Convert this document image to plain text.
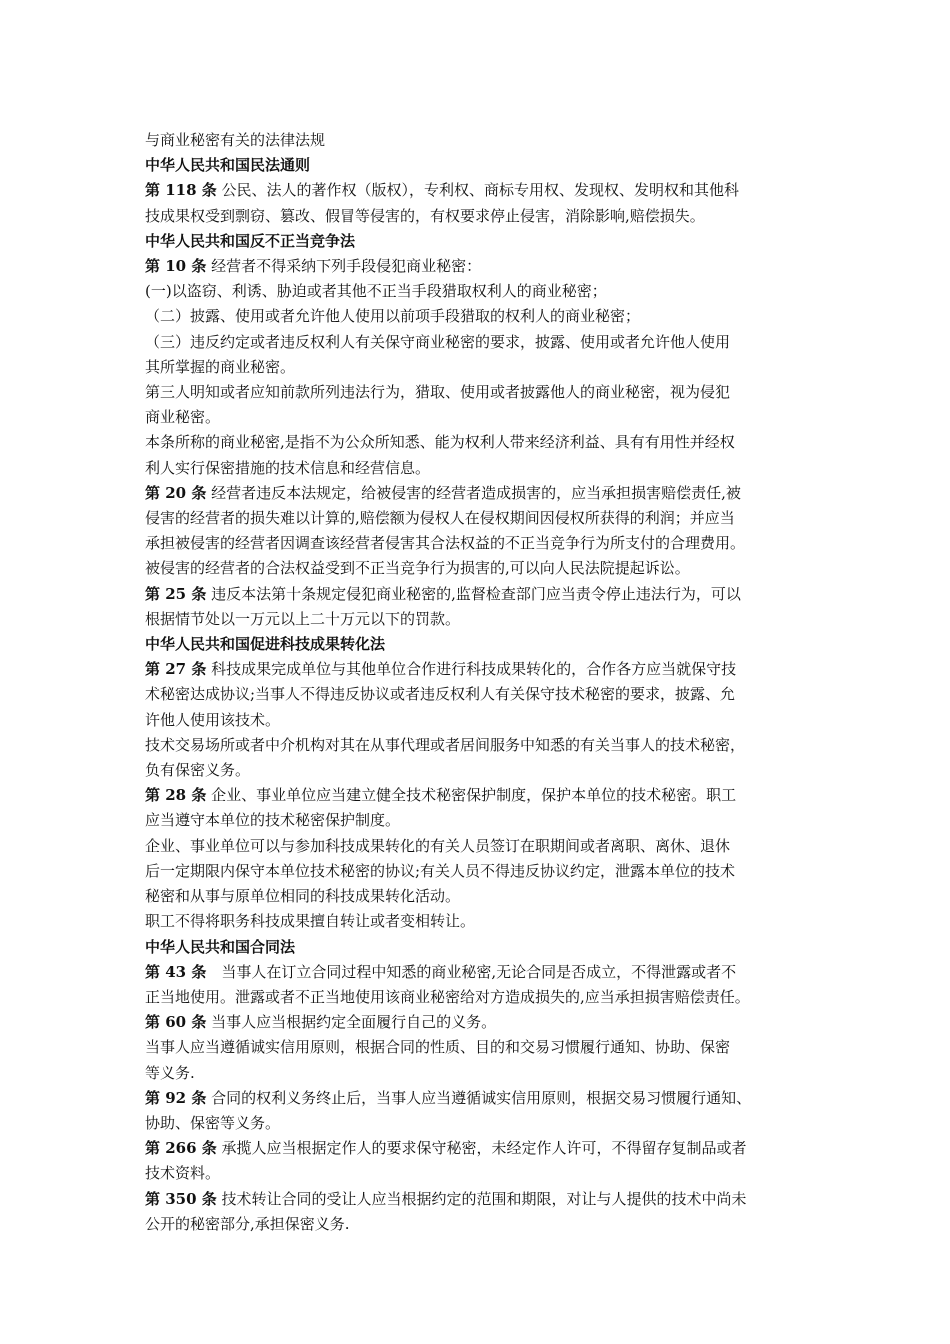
与商业秘密有关的法律法规
中华人民共和国民法通则
第 118 条 公民、法人的著作权（版权），专利权、商标专用权、发现权、发明权和其他科
技成果权受到剽窃、篡改、假冒等侵害的，有权要求停止侵害，消除影响,赔偿损失。
中华人民共和国反不正当竞争法
第 10 条 经营者不得采纳下列手段侵犯商业秘密：
(一)以盗窃、利诱、胁迫或者其他不正当手段猎取权利人的商业秘密；
（二）披露、使用或者允许他人使用以前项手段猎取的权利人的商业秘密；
（三）违反约定或者违反权利人有关保守商业秘密的要求，披露、使用或者允许他人使用
其所掌握的商业秘密。
第三人明知或者应知前款所列违法行为，猎取、使用或者披露他人的商业秘密，视为侵犯
商业秘密。
本条所称的商业秘密,是指不为公众所知悉、能为权利人带来经济利益、具有有用性并经权
利人实行保密措施的技术信息和经营信息。
第 20 条 经营者违反本法规定，给被侵害的经营者造成损害的，应当承担损害赔偿责任,被
侵害的经营者的损失难以计算的,赔偿额为侵权人在侵权期间因侵权所获得的利润；并应当
承担被侵害的经营者因调查该经营者侵害其合法权益的不正当竞争行为所支付的合理费用。
被侵害的经营者的合法权益受到不正当竞争行为损害的,可以向人民法院提起诉讼。
第 25 条 违反本法第十条规定侵犯商业秘密的,监督检查部门应当责令停止违法行为，可以
根据情节处以一万元以上二十万元以下的罚款。
中华人民共和国促进科技成果转化法
第 27 条 科技成果完成单位与其他单位合作进行科技成果转化的，合作各方应当就保守技
术秘密达成协议;当事人不得违反协议或者违反权利人有关保守技术秘密的要求，披露、允
许他人使用该技术。
技术交易场所或者中介机构对其在从事代理或者居间服务中知悉的有关当事人的技术秘密，
负有保密义务。
第 28 条 企业、事业单位应当建立健全技术秘密保护制度，保护本单位的技术秘密。职工
应当遵守本单位的技术秘密保护制度。
企业、事业单位可以与参加科技成果转化的有关人员签订在职期间或者离职、离休、退休
后一定期限内保守本单位技术秘密的协议;有关人员不得违反协议约定，泄露本单位的技术
秘密和从事与原单位相同的科技成果转化活动。
职工不得将职务科技成果擅自转让或者变相转让。
中华人民共和国合同法
第 43 条　当事人在订立合同过程中知悉的商业秘密,无论合同是否成立，不得泄露或者不
正当地使用。泄露或者不正当地使用该商业秘密给对方造成损失的,应当承担损害赔偿责任。
第 60 条 当事人应当根据约定全面履行自己的义务。
当事人应当遵循诚实信用原则，根据合同的性质、目的和交易习惯履行通知、协助、保密
等义务.
第 92 条 合同的权利义务终止后，当事人应当遵循诚实信用原则，根据交易习惯履行通知、
协助、保密等义务。
第 266 条 承揽人应当根据定作人的要求保守秘密，未经定作人许可，不得留存复制品或者
技术资料。
第 350 条 技术转让合同的受让人应当根据约定的范围和期限，对让与人提供的技术中尚未
公开的秘密部分,承担保密义务.
